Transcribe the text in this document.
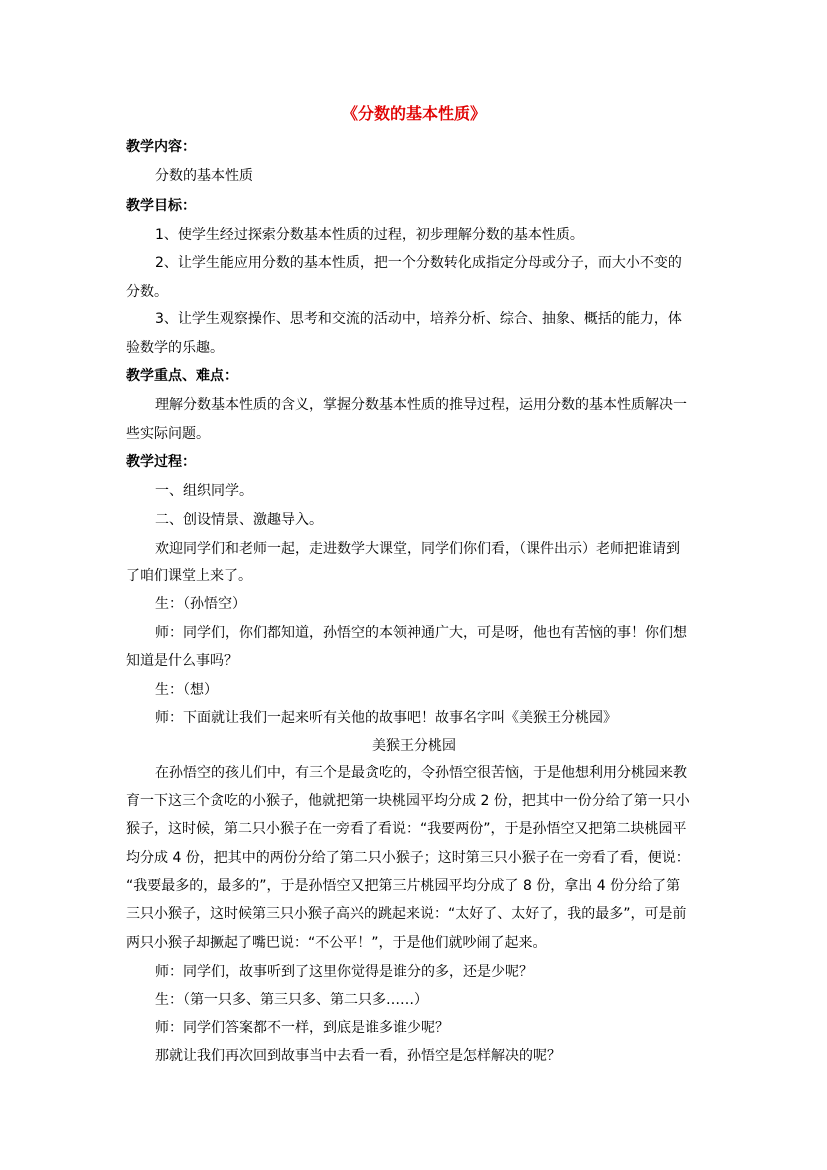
《分数的基本性质》
教学内容：
分数的基本性质
教学目标：
1、使学生经过探索分数基本性质的过程，初步理解分数的基本性质。
2、让学生能应用分数的基本性质，把一个分数转化成指定分母或分子，而大小不变的
分数。
3、让学生观察操作、思考和交流的活动中，培养分析、综合、抽象、概括的能力，体
验数学的乐趣。
教学重点、难点：
理解分数基本性质的含义，掌握分数基本性质的推导过程，运用分数的基本性质解决一
些实际问题。
教学过程：
一、组织同学。
二、创设情景、激趣导入。
欢迎同学们和老师一起，走进数学大课堂，同学们你们看，（课件出示）老师把谁请到
了咱们课堂上来了。
生：（孙悟空）
师：同学们，你们都知道，孙悟空的本领神通广大，可是呀，他也有苦恼的事！你们想
知道是什么事吗？
生：（想）
师：下面就让我们一起来听有关他的故事吧！故事名字叫《美猴王分桃园》
美猴王分桃园
在孙悟空的孩儿们中，有三个是最贪吃的，令孙悟空很苦恼，于是他想利用分桃园来教
育一下这三个贪吃的小猴子，他就把第一块桃园平均分成 2 份，把其中一份分给了第一只小
猴子，这时候，第二只小猴子在一旁看了看说：“我要两份”，于是孙悟空又把第二块桃园平
均分成 4 份，把其中的两份分给了第二只小猴子；这时第三只小猴子在一旁看了看，便说：
“我要最多的，最多的”，于是孙悟空又把第三片桃园平均分成了 8 份，拿出 4 份分给了第
三只小猴子，这时候第三只小猴子高兴的跳起来说：“太好了、太好了，我的最多”，可是前
两只小猴子却撅起了嘴巴说：“不公平！”，于是他们就吵闹了起来。
师：同学们，故事听到了这里你觉得是谁分的多，还是少呢？
生：（第一只多、第三只多、第二只多……）
师：同学们答案都不一样，到底是谁多谁少呢？
那就让我们再次回到故事当中去看一看，孙悟空是怎样解决的呢？
